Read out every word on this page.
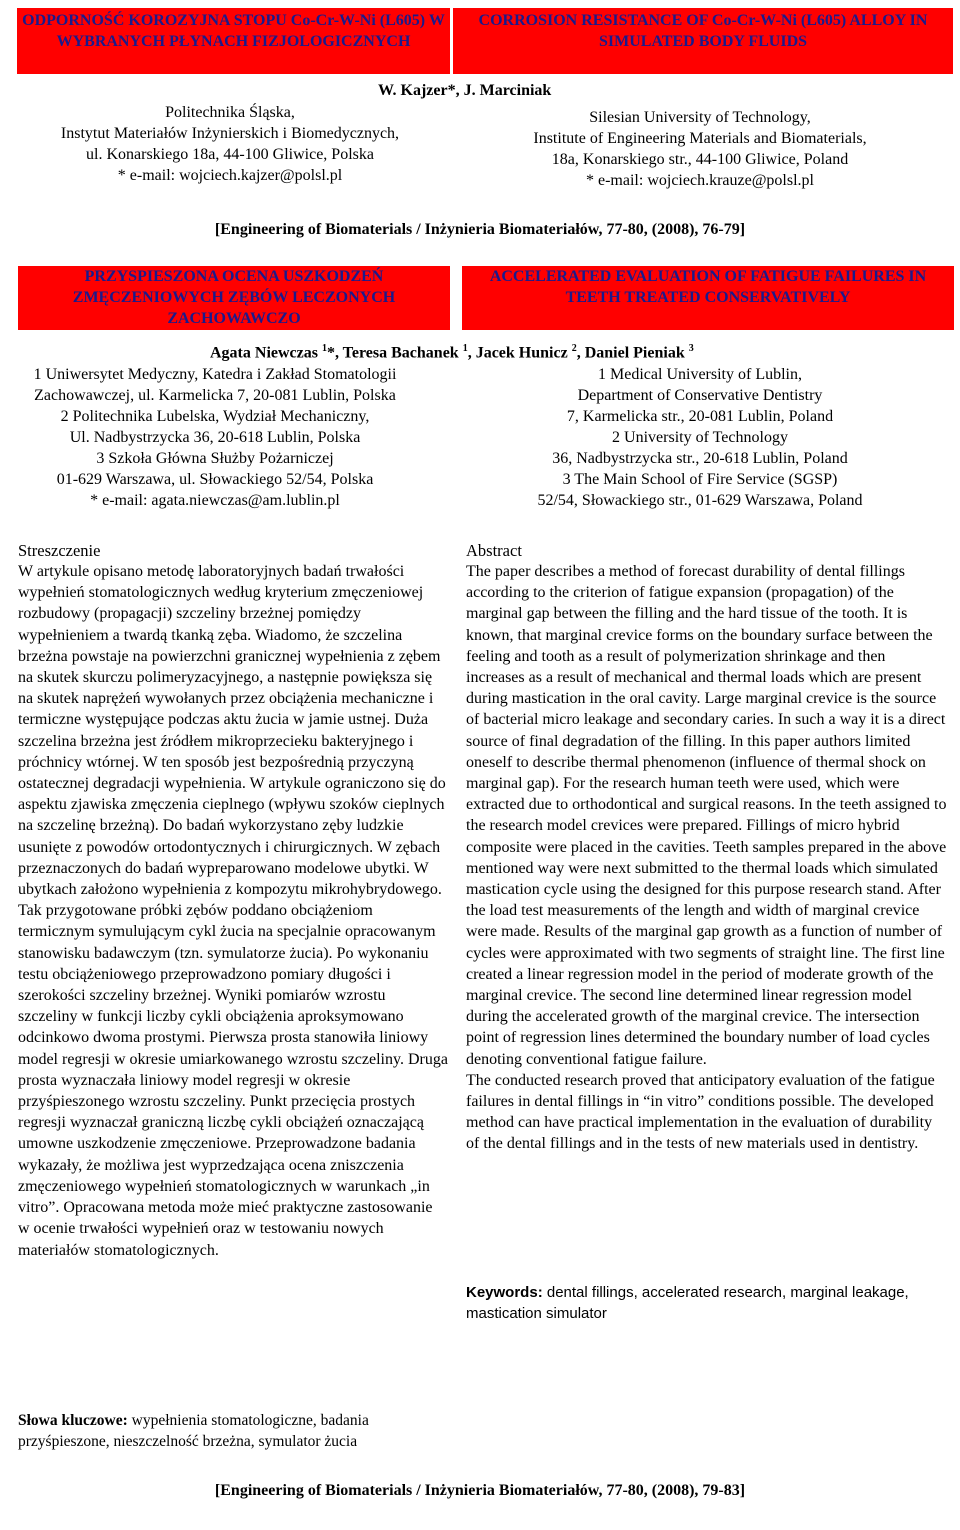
ODPORNOŚĆ KOROZYJNA STOPU Co-Cr-W-Ni (L605) W WYBRANYCH PŁYNACH FIZJOLOGICZNYCH
CORROSION RESISTANCE OF Co-Cr-W-Ni (L605) ALLOY IN SIMULATED BODY FLUIDS
W. Kajzer*, J. Marciniak
Politechnika Śląska,
Instytut Materiałów Inżynierskich i Biomedycznych,
ul. Konarskiego 18a, 44-100 Gliwice, Polska
* e-mail: wojciech.kajzer@polsl.pl
Silesian University of Technology,
Institute of Engineering Materials and Biomaterials,
18a, Konarskiego str., 44-100 Gliwice, Poland
* e-mail: wojciech.krauze@polsl.pl
[Engineering of Biomaterials / Inżynieria Biomateriałów, 77-80, (2008), 76-79]
PRZYSPIESZONA OCENA USZKODZEŃ ZMĘCZENIOWYCH ZĘBÓW LECZONYCH ZACHOWAWCZO
ACCELERATED EVALUATION OF FATIGUE FAILURES IN TEETH TREATED CONSERVATIVELY
Agata Niewczas $^1$*, Teresa Bachanek $^1$, Jacek Hunicz $^2$, Daniel Pieniak $^3$
1 Uniwersytet Medyczny, Katedra i Zakład Stomatologii
Zachowawczej, ul. Karmelicka 7, 20-081 Lublin, Polska
2 Politechnika Lubelska, Wydział Mechaniczny,
Ul. Nadbystrzycka 36, 20-618 Lublin, Polska
3 Szkoła Główna Służby Pożarniczej
01-629 Warszawa, ul. Słowackiego 52/54, Polska
* e-mail: agata.niewczas@am.lublin.pl
1 Medical University of Lublin,
Department of Conservative Dentistry
7, Karmelicka str., 20-081 Lublin, Poland
2 University of Technology
36, Nadbystrzycka str., 20-618 Lublin, Poland
3 The Main School of Fire Service (SGSP)
52/54, Słowackiego str., 01-629 Warszawa, Poland
Streszczenie

W artykule opisano metodę laboratoryjnych badań trwałości wypełnień stomatologicznych według kryterium zmęczeniowej rozbudowy (propagacji) szczeliny brzeżnej pomiędzy wypełnieniem a twardą tkanką zęba. Wiadomo, że szczelina brzeżna powstaje na powierzchni granicznej wypełnienia z zębem na skutek skurczu polimeryzacyjnego, a następnie powiększa się na skutek naprężeń wywołanych przez obciążenia mechaniczne i termiczne występujące podczas aktu żucia w jamie ustnej. Duża szczelina brzeżna jest źródłem mikroprzecieku bakteryjnego i próchnicy wtórnej. W ten sposób jest bezpośrednią przyczyną ostatecznej degradacji wypełnienia. W artykule ograniczono się do aspektu zjawiska zmęczenia cieplnego (wpływu szoków cieplnych na szczelinę brzeżną). Do badań wykorzystano zęby ludzkie usunięte z powodów ortodontycznych i chirurgicznych. W zębach przeznaczonych do badań wypreparowano modelowe ubytki. W ubytkach założono wypełnienia z kompozytu mikrohybrydowego. Tak przygotowane próbki zębów poddano obciążeniom termicznym symulującym cykl żucia na specjalnie opracowanym stanowisku badawczym (tzn. symulatorze żucia). Po wykonaniu testu obciążeniowego przeprowadzono pomiary długości i szerokości szczeliny brzeżnej. Wyniki pomiarów wzrostu szczeliny w funkcji liczby cykli obciążenia aproksymowano odcinkowo dwoma prostymi. Pierwsza prosta stanowiła liniowy model regresji w okresie umiarkowanego wzrostu szczeliny. Druga prosta wyznaczała liniowy model regresji w okresie przyśpieszonego wzrostu szczeliny. Punkt przecięcia prostych regresji wyznaczał graniczną liczbę cykli obciążeń oznaczającą umowne uszkodzenie zmęczeniowe. Przeprowadzone badania wykazały, że możliwa jest wyprzedzająca ocena zniszczenia zmęczeniowego wypełnień stomatologicznych w warunkach „in vitro”. Opracowana metoda może mieć praktyczne zastosowanie w ocenie trwałości wypełnień oraz w testowaniu nowych materiałów stomatologicznych.

Słowa kluczowe: wypełnienia stomatologiczne, badania przyśpieszone, nieszczelność brzeżna, symulator żucia
Abstract

The paper describes a method of forecast durability of dental fillings according to the criterion of fatigue expansion (propagation) of the marginal gap between the filling and the hard tissue of the tooth. It is known, that marginal crevice forms on the boundary surface between the feeling and tooth as a result of polymerization shrinkage and then increases as a result of mechanical and thermal loads which are present during mastication in the oral cavity. Large marginal crevice is the source of bacterial micro leakage and secondary caries. In such a way it is a direct source of final degradation of the filling. In this paper authors limited oneself to describe thermal phenomenon (influence of thermal shock on marginal gap). For the research human teeth were used, which were extracted due to orthodontical and surgical reasons. In the teeth assigned to the research model crevices were prepared. Fillings of micro hybrid composite were placed in the cavities. Teeth samples prepared in the above mentioned way were next submitted to the thermal loads which simulated mastication cycle using the designed for this purpose research stand. After the load test measurements of the length and width of marginal crevice were made. Results of the marginal gap growth as a function of number of cycles were approximated with two segments of straight line. The first line created a linear regression model in the period of moderate growth of the marginal crevice. The second line determined linear regression model during the accelerated growth of the marginal crevice. The intersection point of regression lines determined the boundary number of load cycles denoting conventional fatigue failure.

The conducted research proved that anticipatory evaluation of the fatigue failures in dental fillings in “in vitro” conditions possible. The developed method can have practical implementation in the evaluation of durability of the dental fillings and in the tests of new materials used in dentistry.

Keywords: dental fillings, accelerated research, marginal leakage, mastication simulator
[Engineering of Biomaterials / Inżynieria Biomateriałów, 77-80, (2008), 79-83]
